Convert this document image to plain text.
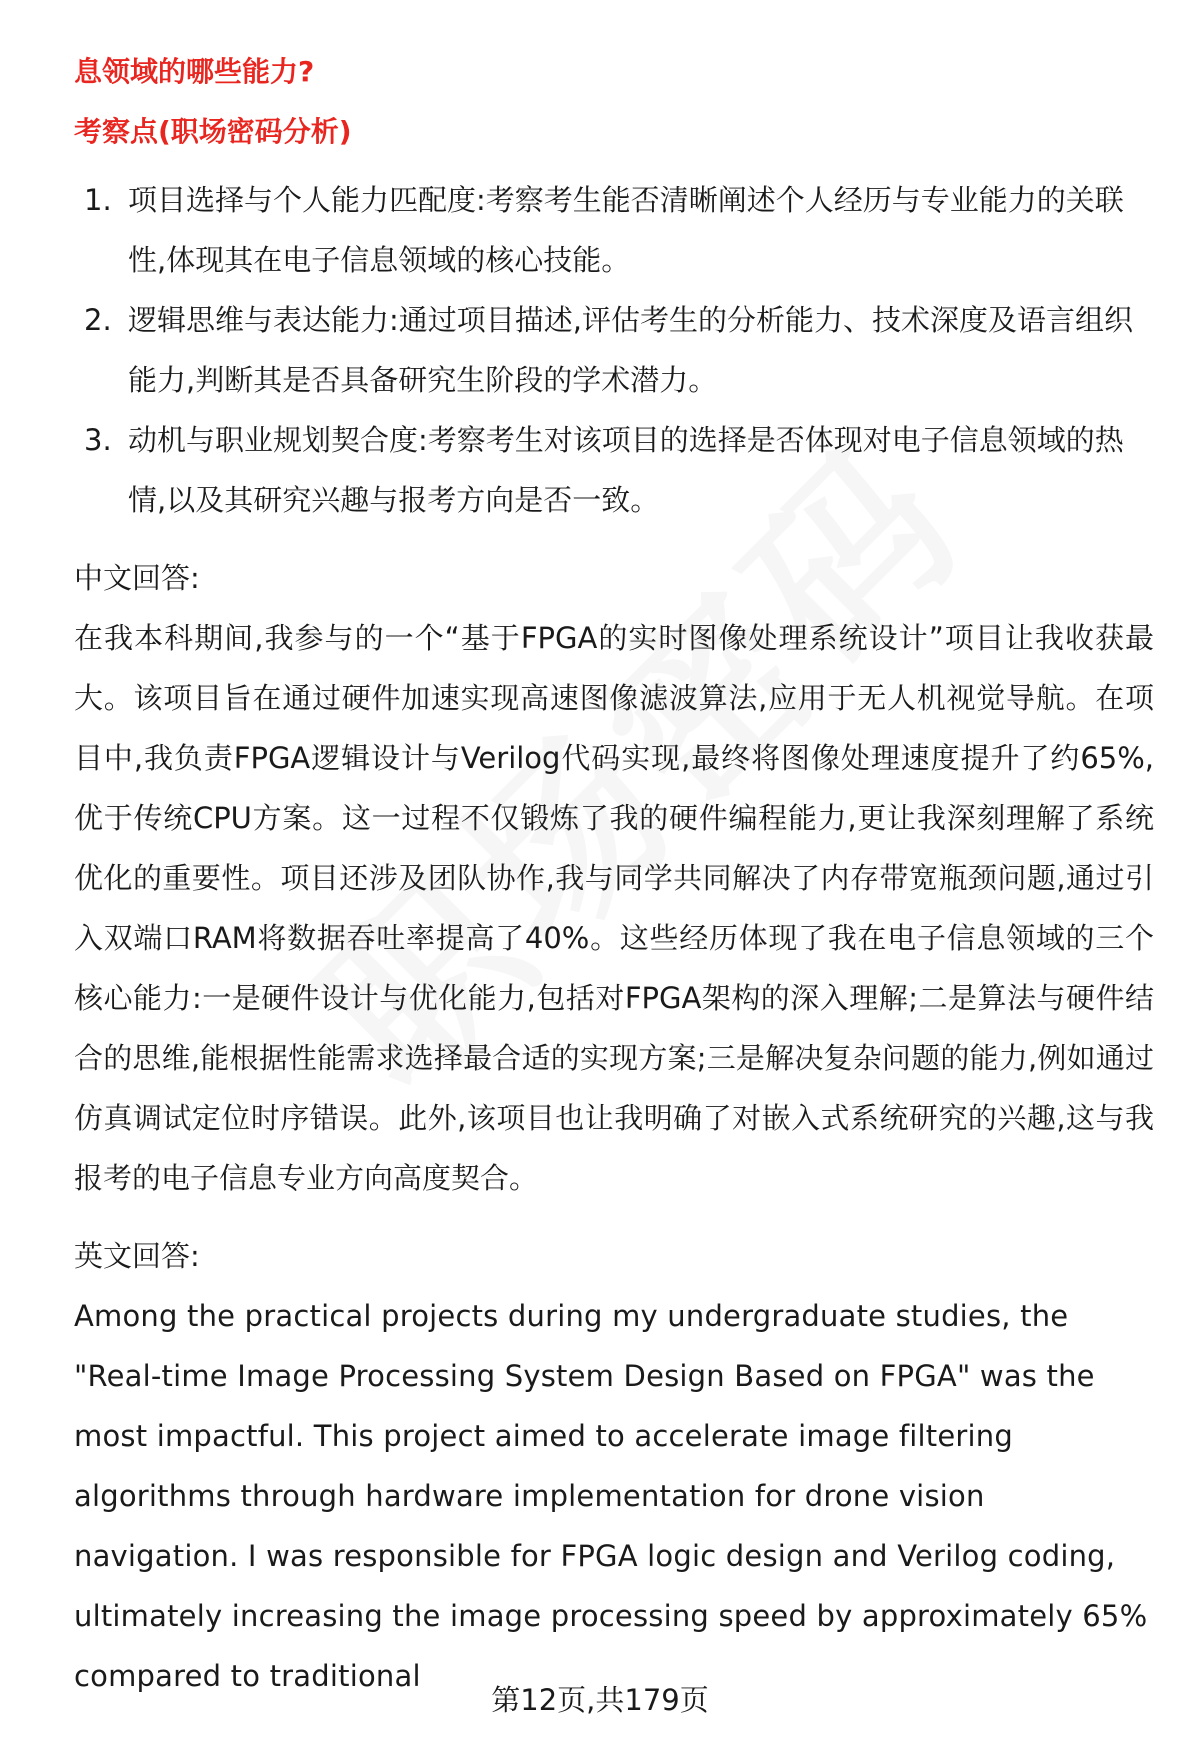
息领域的哪些能力?

考察点(职场密码分析)

1. 项目选择与个人能力匹配度:考察考生能否清晰阐述个人经历与专业能力的关联性,体现其在电子信息领域的核心技能。
2. 逻辑思维与表达能力:通过项目描述,评估考生的分析能力、技术深度及语言组织能力,判断其是否具备研究生阶段的学术潜力。
3. 动机与职业规划契合度:考察考生对该项目的选择是否体现对电子信息领域的热情,以及其研究兴趣与报考方向是否一致。

中文回答:

在我本科期间,我参与的一个“基于FPGA的实时图像处理系统设计”项目让我收获最大。该项目旨在通过硬件加速实现高速图像滤波算法,应用于无人机视觉导航。在项目中,我负责FPGA逻辑设计与Verilog代码实现,最终将图像处理速度提升了约65%,优于传统CPU方案。这一过程不仅锻炼了我的硬件编程能力,更让我深刻理解了系统优化的重要性。项目还涉及团队协作,我与同学共同解决了内存带宽瓶颈问题,通过引入双端口RAM将数据吞吐率提高了40%。这些经历体现了我在电子信息领域的三个核心能力:一是硬件设计与优化能力,包括对FPGA架构的深入理解;二是算法与硬件结合的思维,能根据性能需求选择最合适的实现方案;三是解决复杂问题的能力,例如通过仿真调试定位时序错误。此外,该项目也让我明确了对嵌入式系统研究的兴趣,这与我报考的电子信息专业方向高度契合。

英文回答:

Among the practical projects during my undergraduate studies, the "Real-time Image Processing System Design Based on FPGA" was the most impactful. This project aimed to accelerate image filtering algorithms through hardware implementation for drone vision navigation. I was responsible for FPGA logic design and Verilog coding, ultimately increasing the image processing speed by approximately 65% compared to traditional

第12页,共179页
